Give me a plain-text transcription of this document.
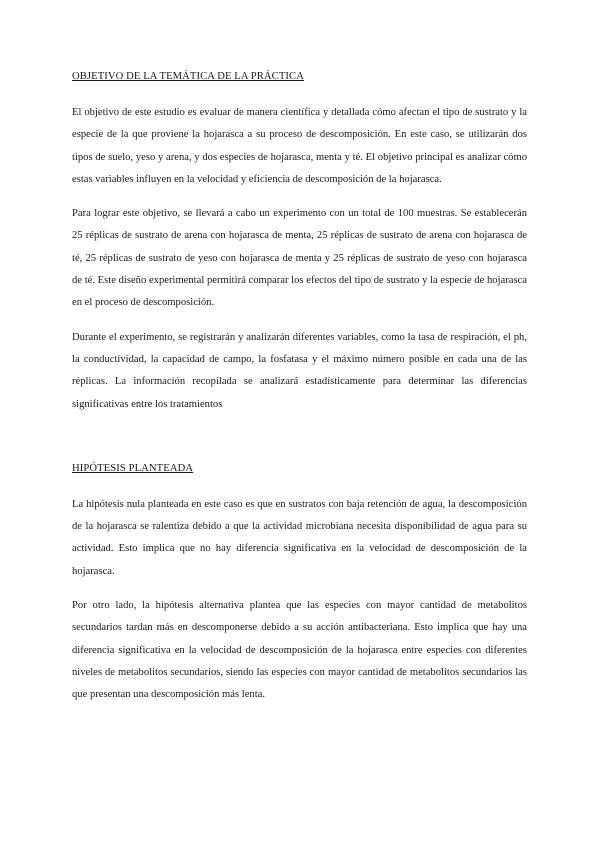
OBJETIVO DE LA TEMÁTICA DE LA PRÁCTICA

El objetivo de este estudio es evaluar de manera científica y detallada cómo afectan el tipo de sustrato y la especie de la que proviene la hojarasca a su proceso de descomposición. En este caso, se utilizarán dos tipos de suelo, yeso y arena, y dos especies de hojarasca, menta y té. El objetivo principal es analizar cómo estas variables influyen en la velocidad y eficiencia de descomposición de la hojarasca.

Para lograr este objetivo, se llevará a cabo un experimento con un total de 100 muestras. Se establecerán 25 réplicas de sustrato de arena con hojarasca de menta, 25 réplicas de sustrato de arena con hojarasca de té, 25 réplicas de sustrato de yeso con hojarasca de menta y 25 réplicas de sustrato de yeso con hojarasca de té. Este diseño experimental permitirá comparar los efectos del tipo de sustrato y la especie de hojarasca en el proceso de descomposición.

Durante el experimento, se registrarán y analizarán diferentes variables, como la tasa de respiración, el ph, la conductividad, la capacidad de campo, la fosfatasa y el máximo número posible en cada una de las réplicas. La información recopilada se analizará estadísticamente para determinar las diferencias significativas entre los tratamientos

HIPÓTESIS PLANTEADA

La hipótesis nula planteada en este caso es que en sustratos con baja retención de agua, la descomposición de la hojarasca se ralentiza debido a que la actividad microbiana necesita disponibilidad de agua para su actividad. Esto implica que no hay diferencia significativa en la velocidad de descomposición de la hojarasca.

Por otro lado, la hipótesis alternativa plantea que las especies con mayor cantidad de metabolitos secundarios tardan más en descomponerse debido a su acción antibacteriana. Esto implica que hay una diferencia significativa en la velocidad de descomposición de la hojarasca entre especies con diferentes niveles de metabolitos secundarios, siendo las especies con mayor cantidad de metabolitos secundarios las que presentan una descomposición más lenta.
